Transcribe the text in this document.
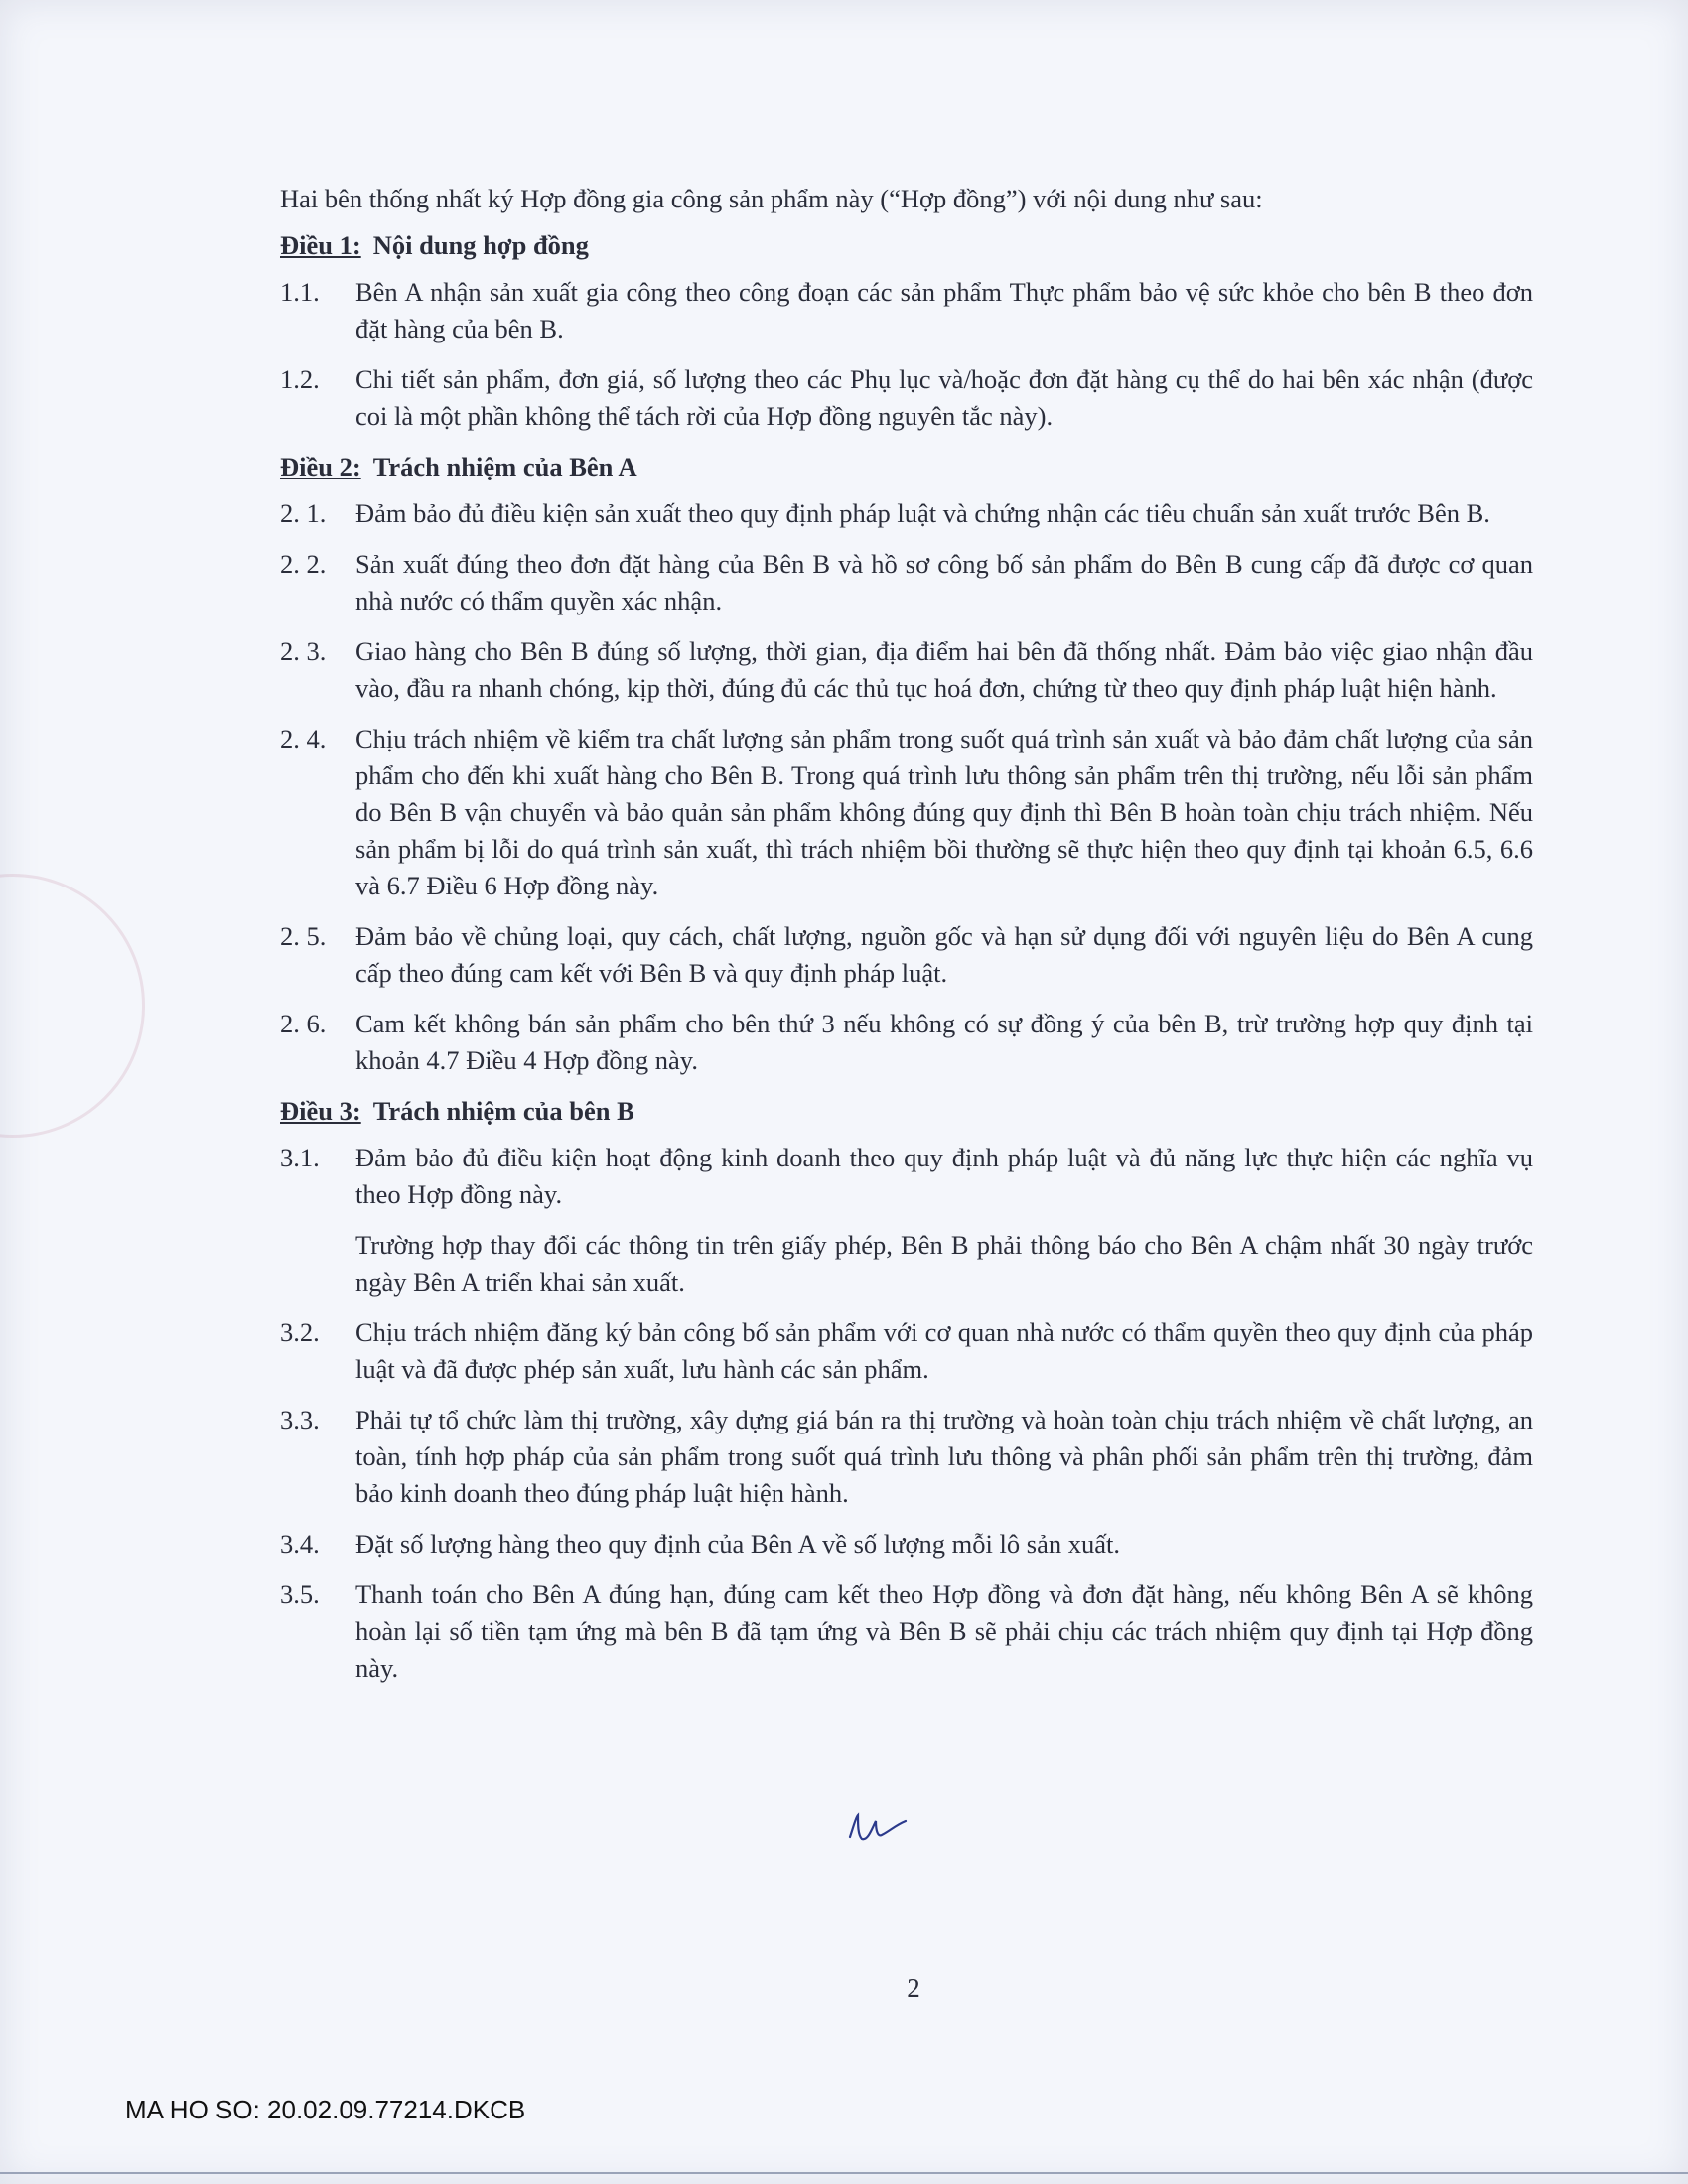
Hai bên thống nhất ký Hợp đồng gia công sản phẩm này (“Hợp đồng”) với nội dung như sau:

Điều 1: Nội dung hợp đồng
1.1.	Bên A nhận sản xuất gia công theo công đoạn các sản phẩm Thực phẩm bảo vệ sức khỏe cho bên B theo đơn đặt hàng của bên B.

1.2.	Chi tiết sản phẩm, đơn giá, số lượng theo các Phụ lục và/hoặc đơn đặt hàng cụ thể do hai bên xác nhận (được coi là một phần không thể tách rời của Hợp đồng nguyên tắc này).

Điều 2: Trách nhiệm của Bên A
2. 1.	Đảm bảo đủ điều kiện sản xuất theo quy định pháp luật và chứng nhận các tiêu chuẩn sản xuất trước Bên B.

2. 2.	Sản xuất đúng theo đơn đặt hàng của Bên B và hồ sơ công bố sản phẩm do Bên B cung cấp đã được cơ quan nhà nước có thẩm quyền xác nhận.

2. 3.	Giao hàng cho Bên B đúng số lượng, thời gian, địa điểm hai bên đã thống nhất. Đảm bảo việc giao nhận đầu vào, đầu ra nhanh chóng, kịp thời, đúng đủ các thủ tục hoá đơn, chứng từ theo quy định pháp luật hiện hành.

2. 4.	Chịu trách nhiệm về kiểm tra chất lượng sản phẩm trong suốt quá trình sản xuất và bảo đảm chất lượng của sản phẩm cho đến khi xuất hàng cho Bên B. Trong quá trình lưu thông sản phẩm trên thị trường, nếu lỗi sản phẩm do Bên B vận chuyển và bảo quản sản phẩm không đúng quy định thì Bên B hoàn toàn chịu trách nhiệm. Nếu sản phẩm bị lỗi do quá trình sản xuất, thì trách nhiệm bồi thường sẽ thực hiện theo quy định tại khoản 6.5, 6.6 và 6.7 Điều 6 Hợp đồng này.

2. 5.	Đảm bảo về chủng loại, quy cách, chất lượng, nguồn gốc và hạn sử dụng đối với nguyên liệu do Bên A cung cấp theo đúng cam kết với Bên B và quy định pháp luật.

2. 6.	Cam kết không bán sản phẩm cho bên thứ 3 nếu không có sự đồng ý của bên B, trừ trường hợp quy định tại khoản 4.7 Điều 4 Hợp đồng này.

Điều 3: Trách nhiệm của bên B
3.1.	Đảm bảo đủ điều kiện hoạt động kinh doanh theo quy định pháp luật và đủ năng lực thực hiện các nghĩa vụ theo Hợp đồng này.

Trường hợp thay đổi các thông tin trên giấy phép, Bên B phải thông báo cho Bên A chậm nhất 30 ngày trước ngày Bên A triển khai sản xuất.

3.2.	Chịu trách nhiệm đăng ký bản công bố sản phẩm với cơ quan nhà nước có thẩm quyền theo quy định của pháp luật và đã được phép sản xuất, lưu hành các sản phẩm.

3.3.	Phải tự tổ chức làm thị trường, xây dựng giá bán ra thị trường và hoàn toàn chịu trách nhiệm về chất lượng, an toàn, tính hợp pháp của sản phẩm trong suốt quá trình lưu thông và phân phối sản phẩm trên thị trường, đảm bảo kinh doanh theo đúng pháp luật hiện hành.

3.4.	Đặt số lượng hàng theo quy định của Bên A về số lượng mỗi lô sản xuất.

3.5.	Thanh toán cho Bên A đúng hạn, đúng cam kết theo Hợp đồng và đơn đặt hàng, nếu không Bên A sẽ không hoàn lại số tiền tạm ứng mà bên B đã tạm ứng và Bên B sẽ phải chịu các trách nhiệm quy định tại Hợp đồng này.

2
MA HO SO: 20.02.09.77214.DKCB
